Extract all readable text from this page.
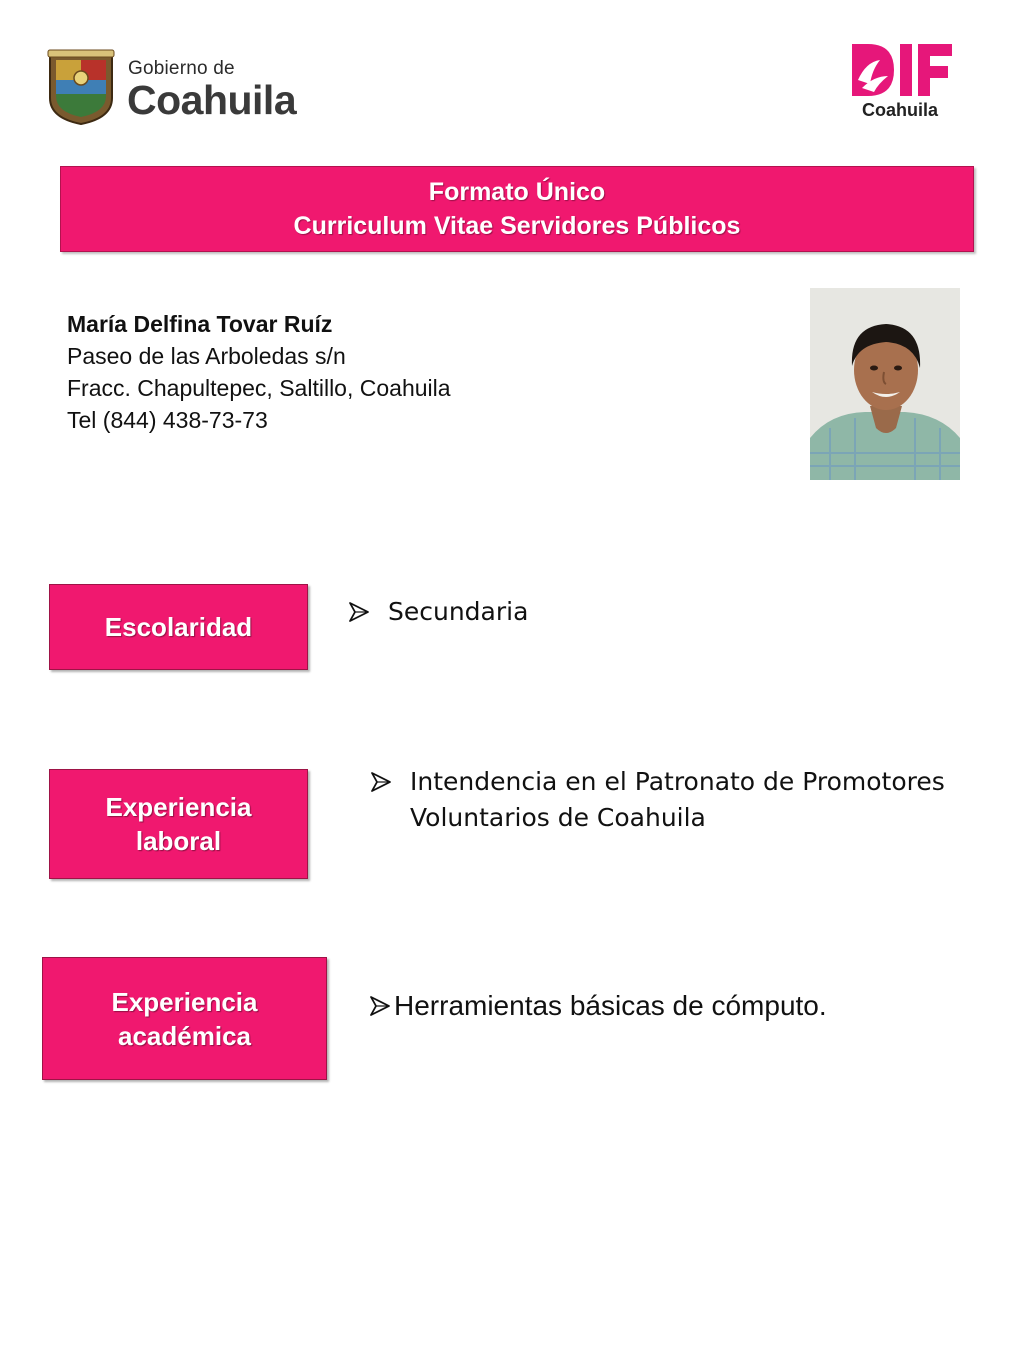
Gobierno de
Coahuila	Coahuila
Formato Único
Curriculum Vitae Servidores Públicos
María Delfina Tovar Ruíz
Paseo de las Arboledas s/n
Fracc. Chapultepec, Saltillo, Coahuila
Tel (844) 438-73-73
Escolaridad
Secundaria
Experiencia
laboral
Intendencia en el Patronato de Promotores Voluntarios de Coahuila
Experiencia
académica
Herramientas básicas de cómputo.
